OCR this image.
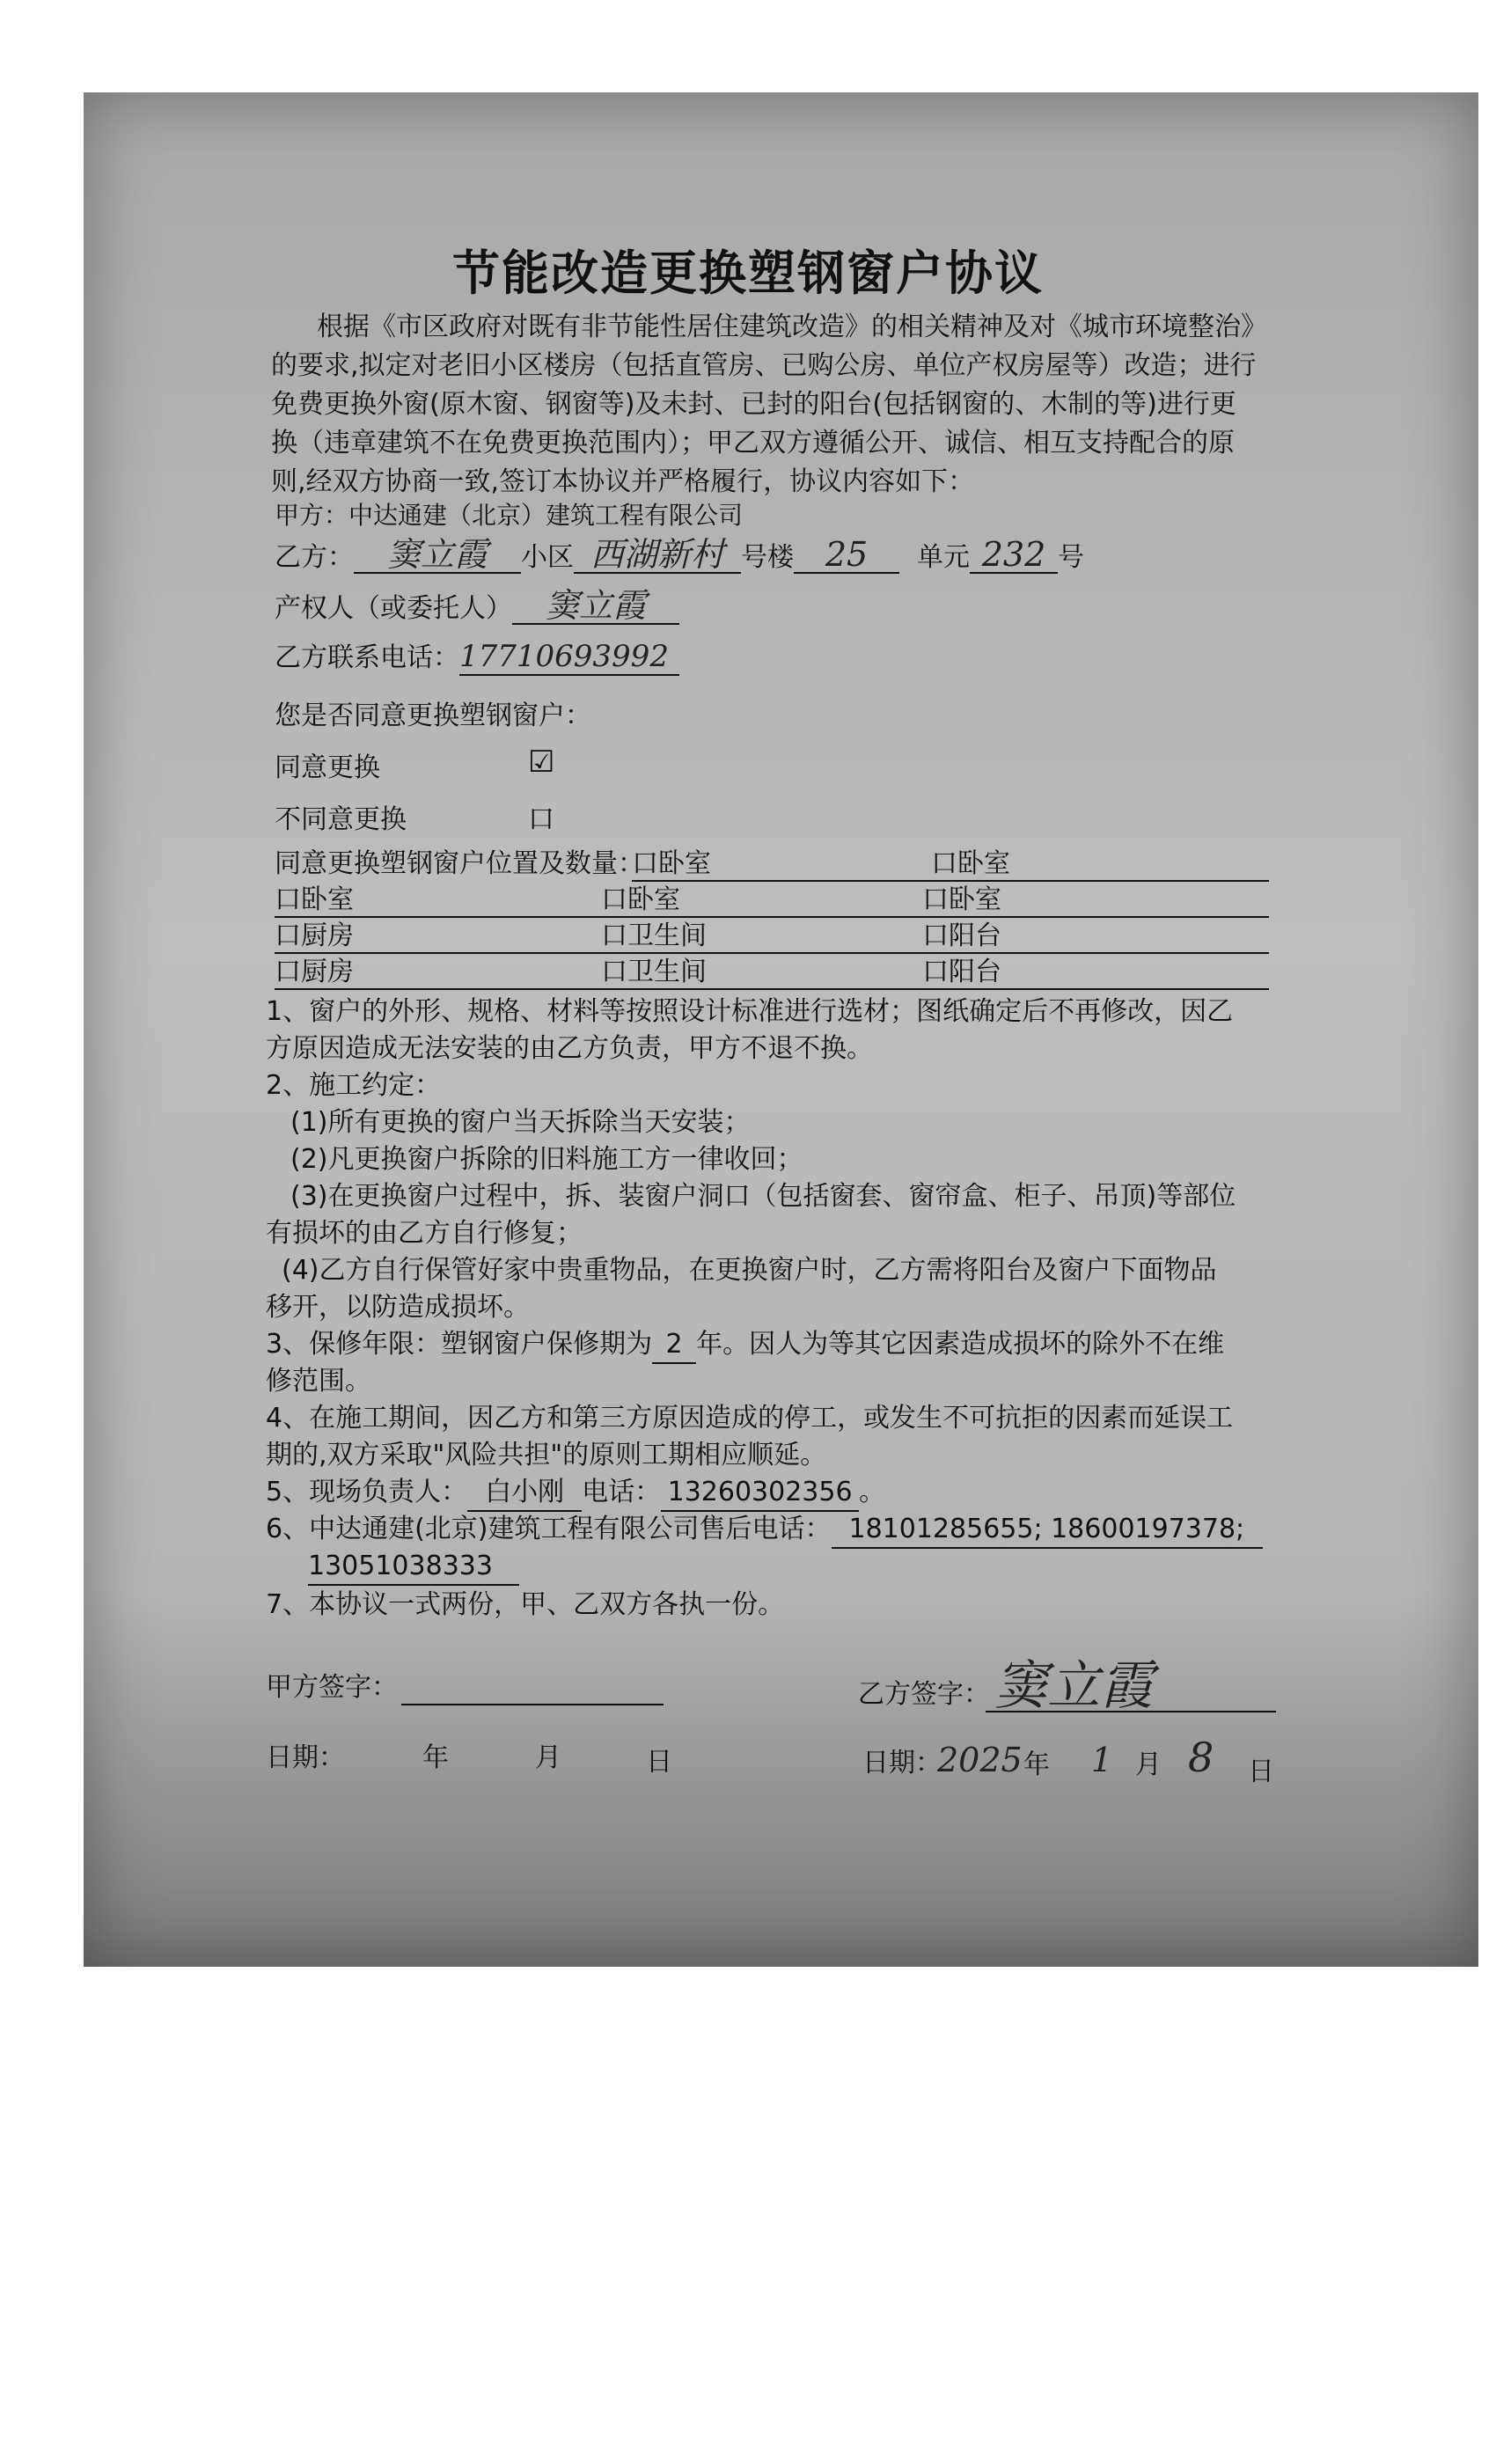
节能改造更换塑钢窗户协议
根据《市区政府对既有非节能性居住建筑改造》的相关精神及对《城市环境整治》
的要求,拟定对老旧小区楼房（包括直管房、已购公房、单位产权房屋等）改造；进行
免费更换外窗(原木窗、钢窗等)及未封、已封的阳台(包括钢窗的、木制的等)进行更
换（违章建筑不在免费更换范围内）；甲乙双方遵循公开、诚信、相互支持配合的原
则,经双方协商一致,签订本协议并严格履行，协议内容如下：
甲方：中达通建（北京）建筑工程有限公司
乙方： 窦立霞 小区 西湖新村 号楼 25 单元 232 号
产权人（或委托人） 窦立霞
乙方联系电话：17710693992
您是否同意更换塑钢窗户：
同意更换	☑
不同意更换	口
同意更换塑钢窗户位置及数量：
口卧室	口卧室
口卧室	口卧室	口卧室
口厨房	口卫生间	口阳台
口厨房	口卫生间	口阳台
1、窗户的外形、规格、材料等按照设计标准进行选材；图纸确定后不再修改，因乙
方原因造成无法安装的由乙方负责，甲方不退不换。
2、施工约定：
(1)所有更换的窗户当天拆除当天安装；
(2)凡更换窗户拆除的旧料施工方一律收回；
(3)在更换窗户过程中，拆、装窗户洞口（包括窗套、窗帘盒、柜子、吊顶)等部位
有损坏的由乙方自行修复；
(4)乙方自行保管好家中贵重物品，在更换窗户时，乙方需将阳台及窗户下面物品
移开，以防造成损坏。
3、保修年限：塑钢窗户保修期为 2 年。因人为等其它因素造成损坏的除外不在维
修范围。
4、在施工期间，因乙方和第三方原因造成的停工，或发生不可抗拒的因素而延误工
期的,双方采取"风险共担"的原则工期相应顺延。
5、现场负责人： 白小刚 电话： 13260302356 。
6、中达通建(北京)建筑工程有限公司售后电话： 18101285655; 18600197378;
13051038333
7、本协议一式两份，甲、乙双方各执一份。
甲方签字：	乙方签字： 窦立霞
日期：	年	月	日	日期：
2025 年 1 月 8 日
